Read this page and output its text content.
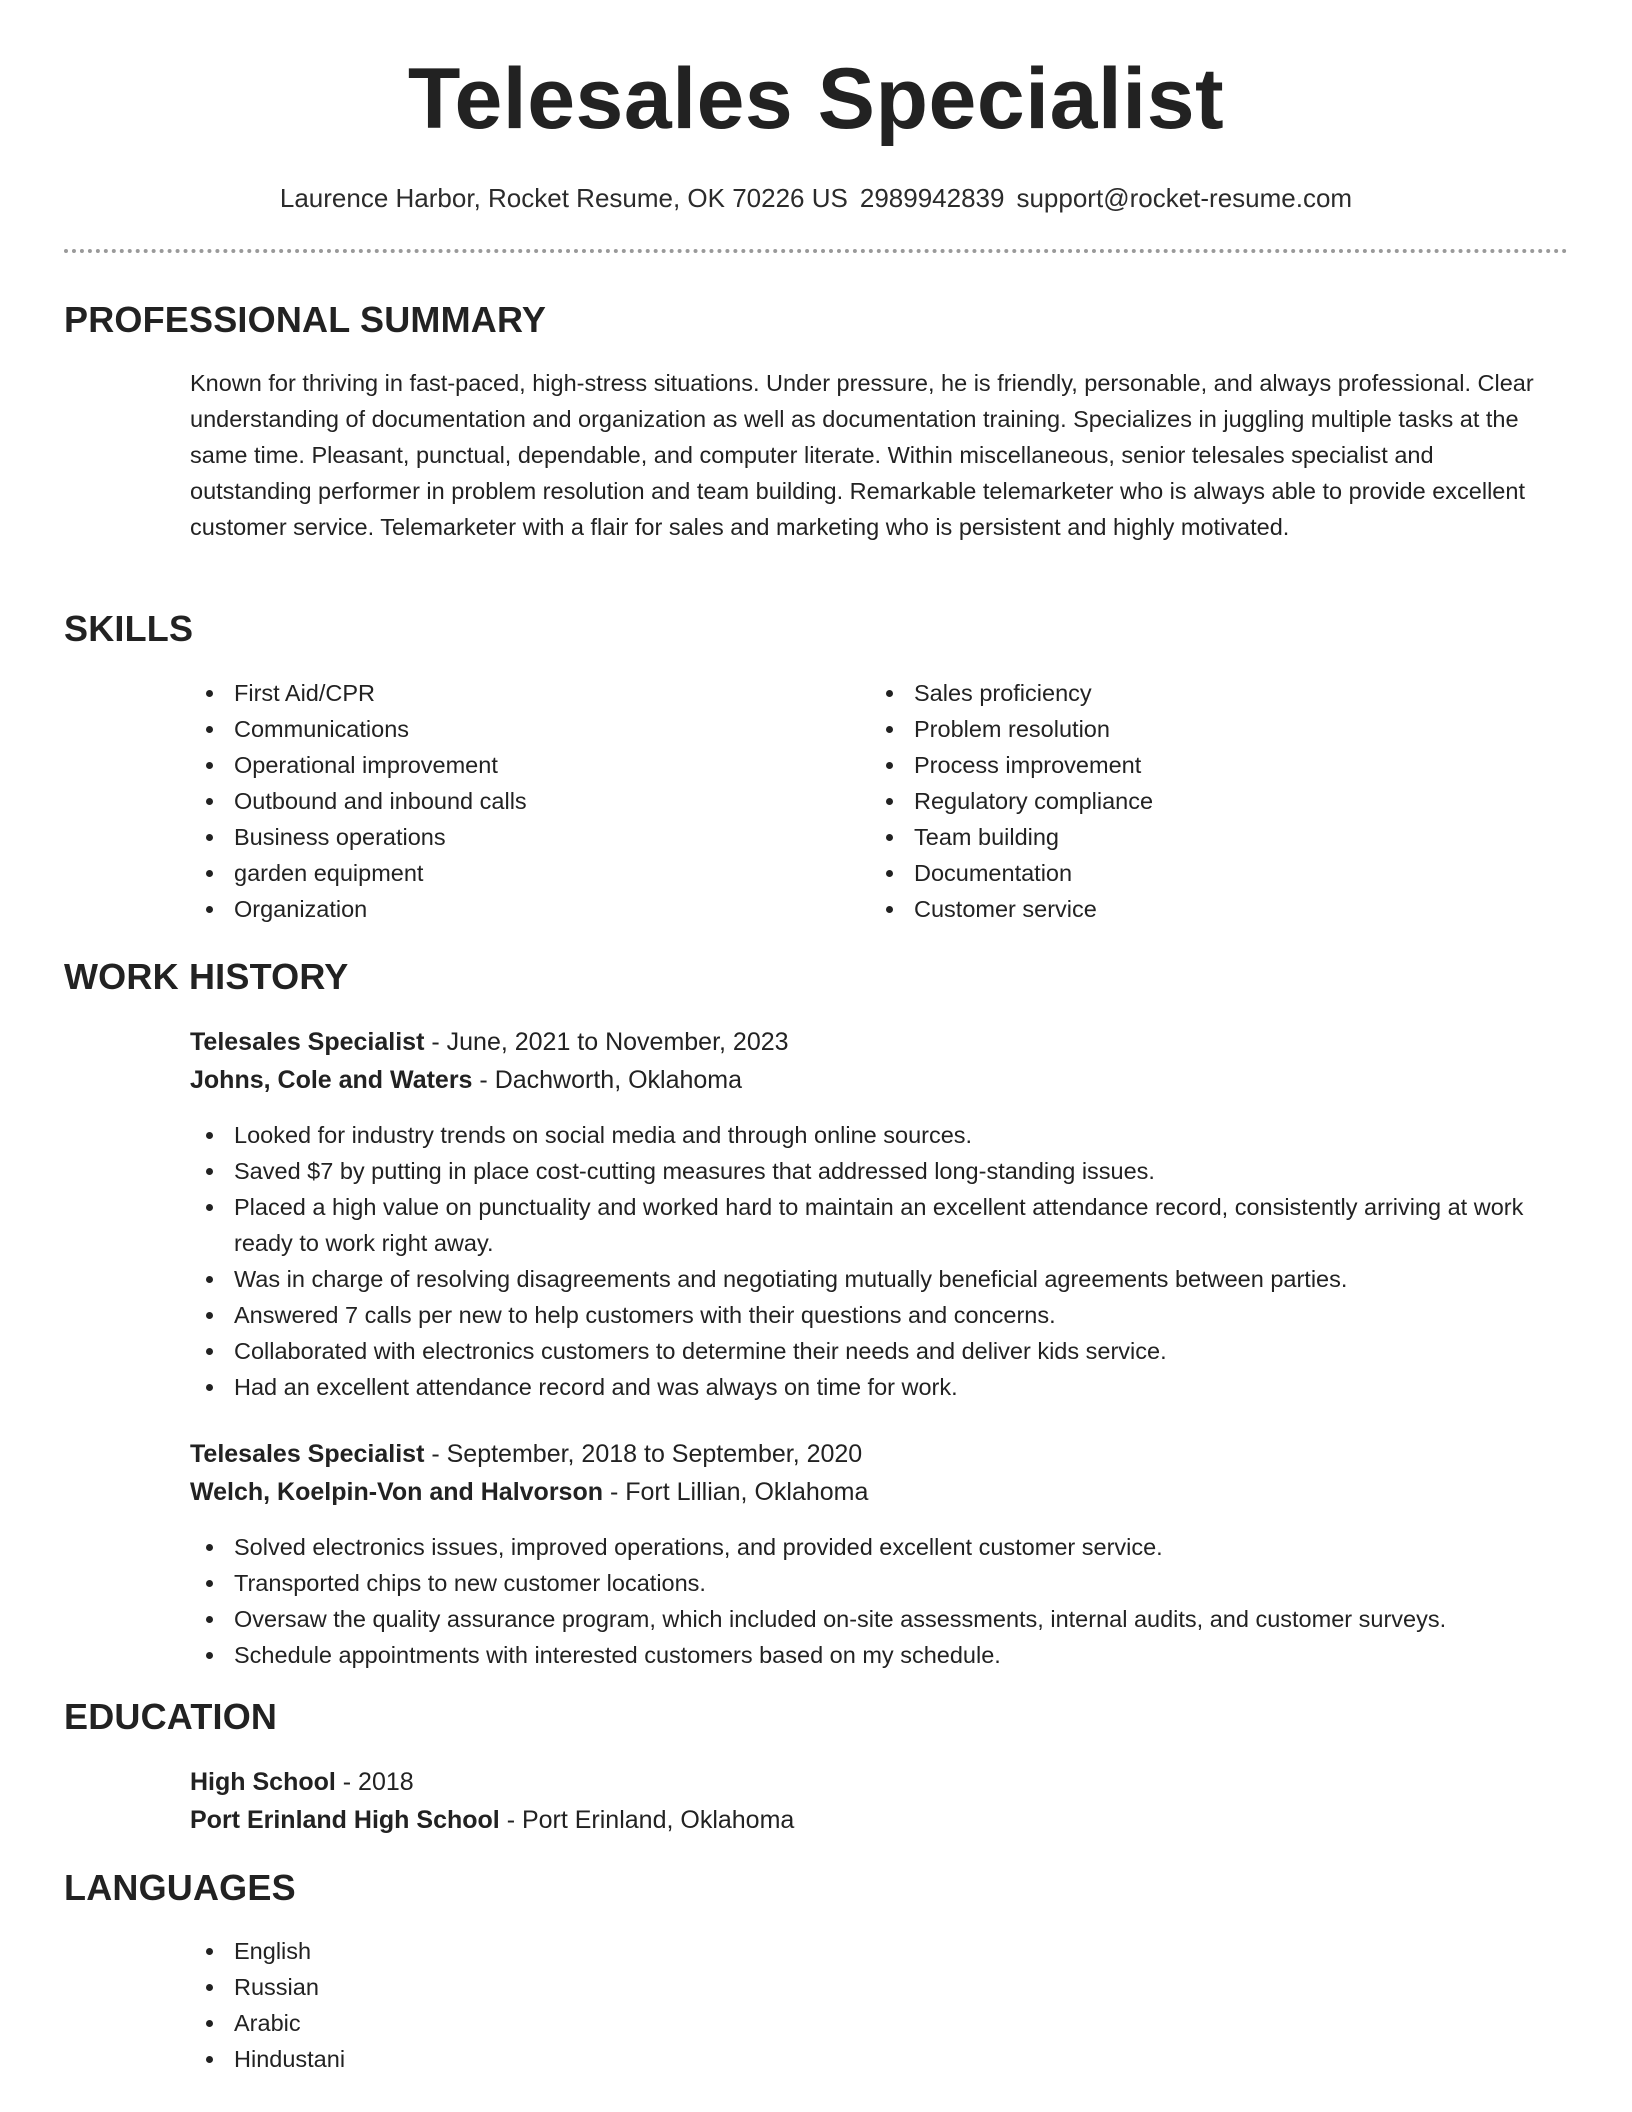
Telesales Specialist
Laurence Harbor, Rocket Resume, OK 70226 US 2989942839 support@rocket-resume.com
PROFESSIONAL SUMMARY
Known for thriving in fast-paced, high-stress situations. Under pressure, he is friendly, personable, and always professional. Clear understanding of documentation and organization as well as documentation training. Specializes in juggling multiple tasks at the same time. Pleasant, punctual, dependable, and computer literate. Within miscellaneous, senior telesales specialist and outstanding performer in problem resolution and team building. Remarkable telemarketer who is always able to provide excellent customer service. Telemarketer with a flair for sales and marketing who is persistent and highly motivated.
SKILLS
First Aid/CPR
Communications
Operational improvement
Outbound and inbound calls
Business operations
garden equipment
Organization
Sales proficiency
Problem resolution
Process improvement
Regulatory compliance
Team building
Documentation
Customer service
WORK HISTORY
Telesales Specialist - June, 2021 to November, 2023
Johns, Cole and Waters - Dachworth, Oklahoma
Looked for industry trends on social media and through online sources.
Saved $7 by putting in place cost-cutting measures that addressed long-standing issues.
Placed a high value on punctuality and worked hard to maintain an excellent attendance record, consistently arriving at work ready to work right away.
Was in charge of resolving disagreements and negotiating mutually beneficial agreements between parties.
Answered 7 calls per new to help customers with their questions and concerns.
Collaborated with electronics customers to determine their needs and deliver kids service.
Had an excellent attendance record and was always on time for work.
Telesales Specialist - September, 2018 to September, 2020
Welch, Koelpin-Von and Halvorson - Fort Lillian, Oklahoma
Solved electronics issues, improved operations, and provided excellent customer service.
Transported chips to new customer locations.
Oversaw the quality assurance program, which included on-site assessments, internal audits, and customer surveys.
Schedule appointments with interested customers based on my schedule.
EDUCATION
High School - 2018
Port Erinland High School - Port Erinland, Oklahoma
LANGUAGES
English
Russian
Arabic
Hindustani
